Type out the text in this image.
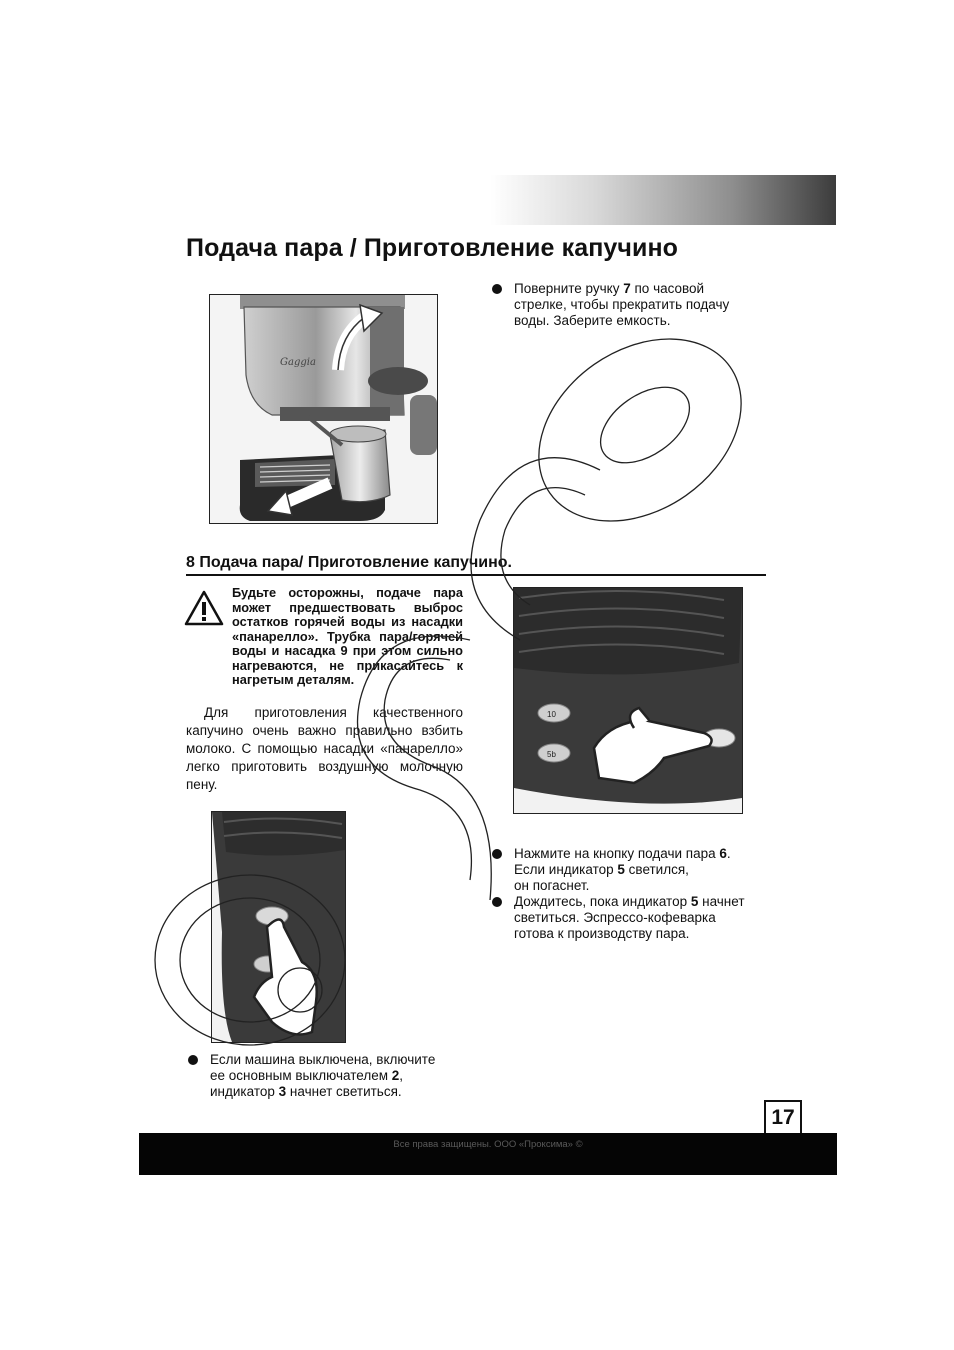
Подача пара / Приготовление капучино
Gaggia
Поверните ручку 7 по часовой
стрелке, чтобы прекратить подачу
воды. Заберите емкость.
8 Подача пара/ Приготовление капучино.
Будьте осторожны, подаче пара может предшествовать выброс остатков горячей воды из насадки «панарелло». Трубка пара/горячей воды и насадка 9 при этом сильно нагреваются, не прикасайтесь к нагретым деталям.
Для приготовления качественного капучино очень важно правильно взбить молоко. С помощью насадки «панарелло» легко приготовить воздушную молочную пену.
10
5b
Нажмите на кнопку подачи пара 6.
Если индикатор 5 светился,
он погаснет.
Дождитесь, пока индикатор 5 начнет
светиться. Эспрессо-кофеварка
готова к производству пара.
Если машина выключена, включите
ее основным выключателем 2,
индикатор 3 начнет светиться.
17
Все права защищены. ООО «Проксима» ©
